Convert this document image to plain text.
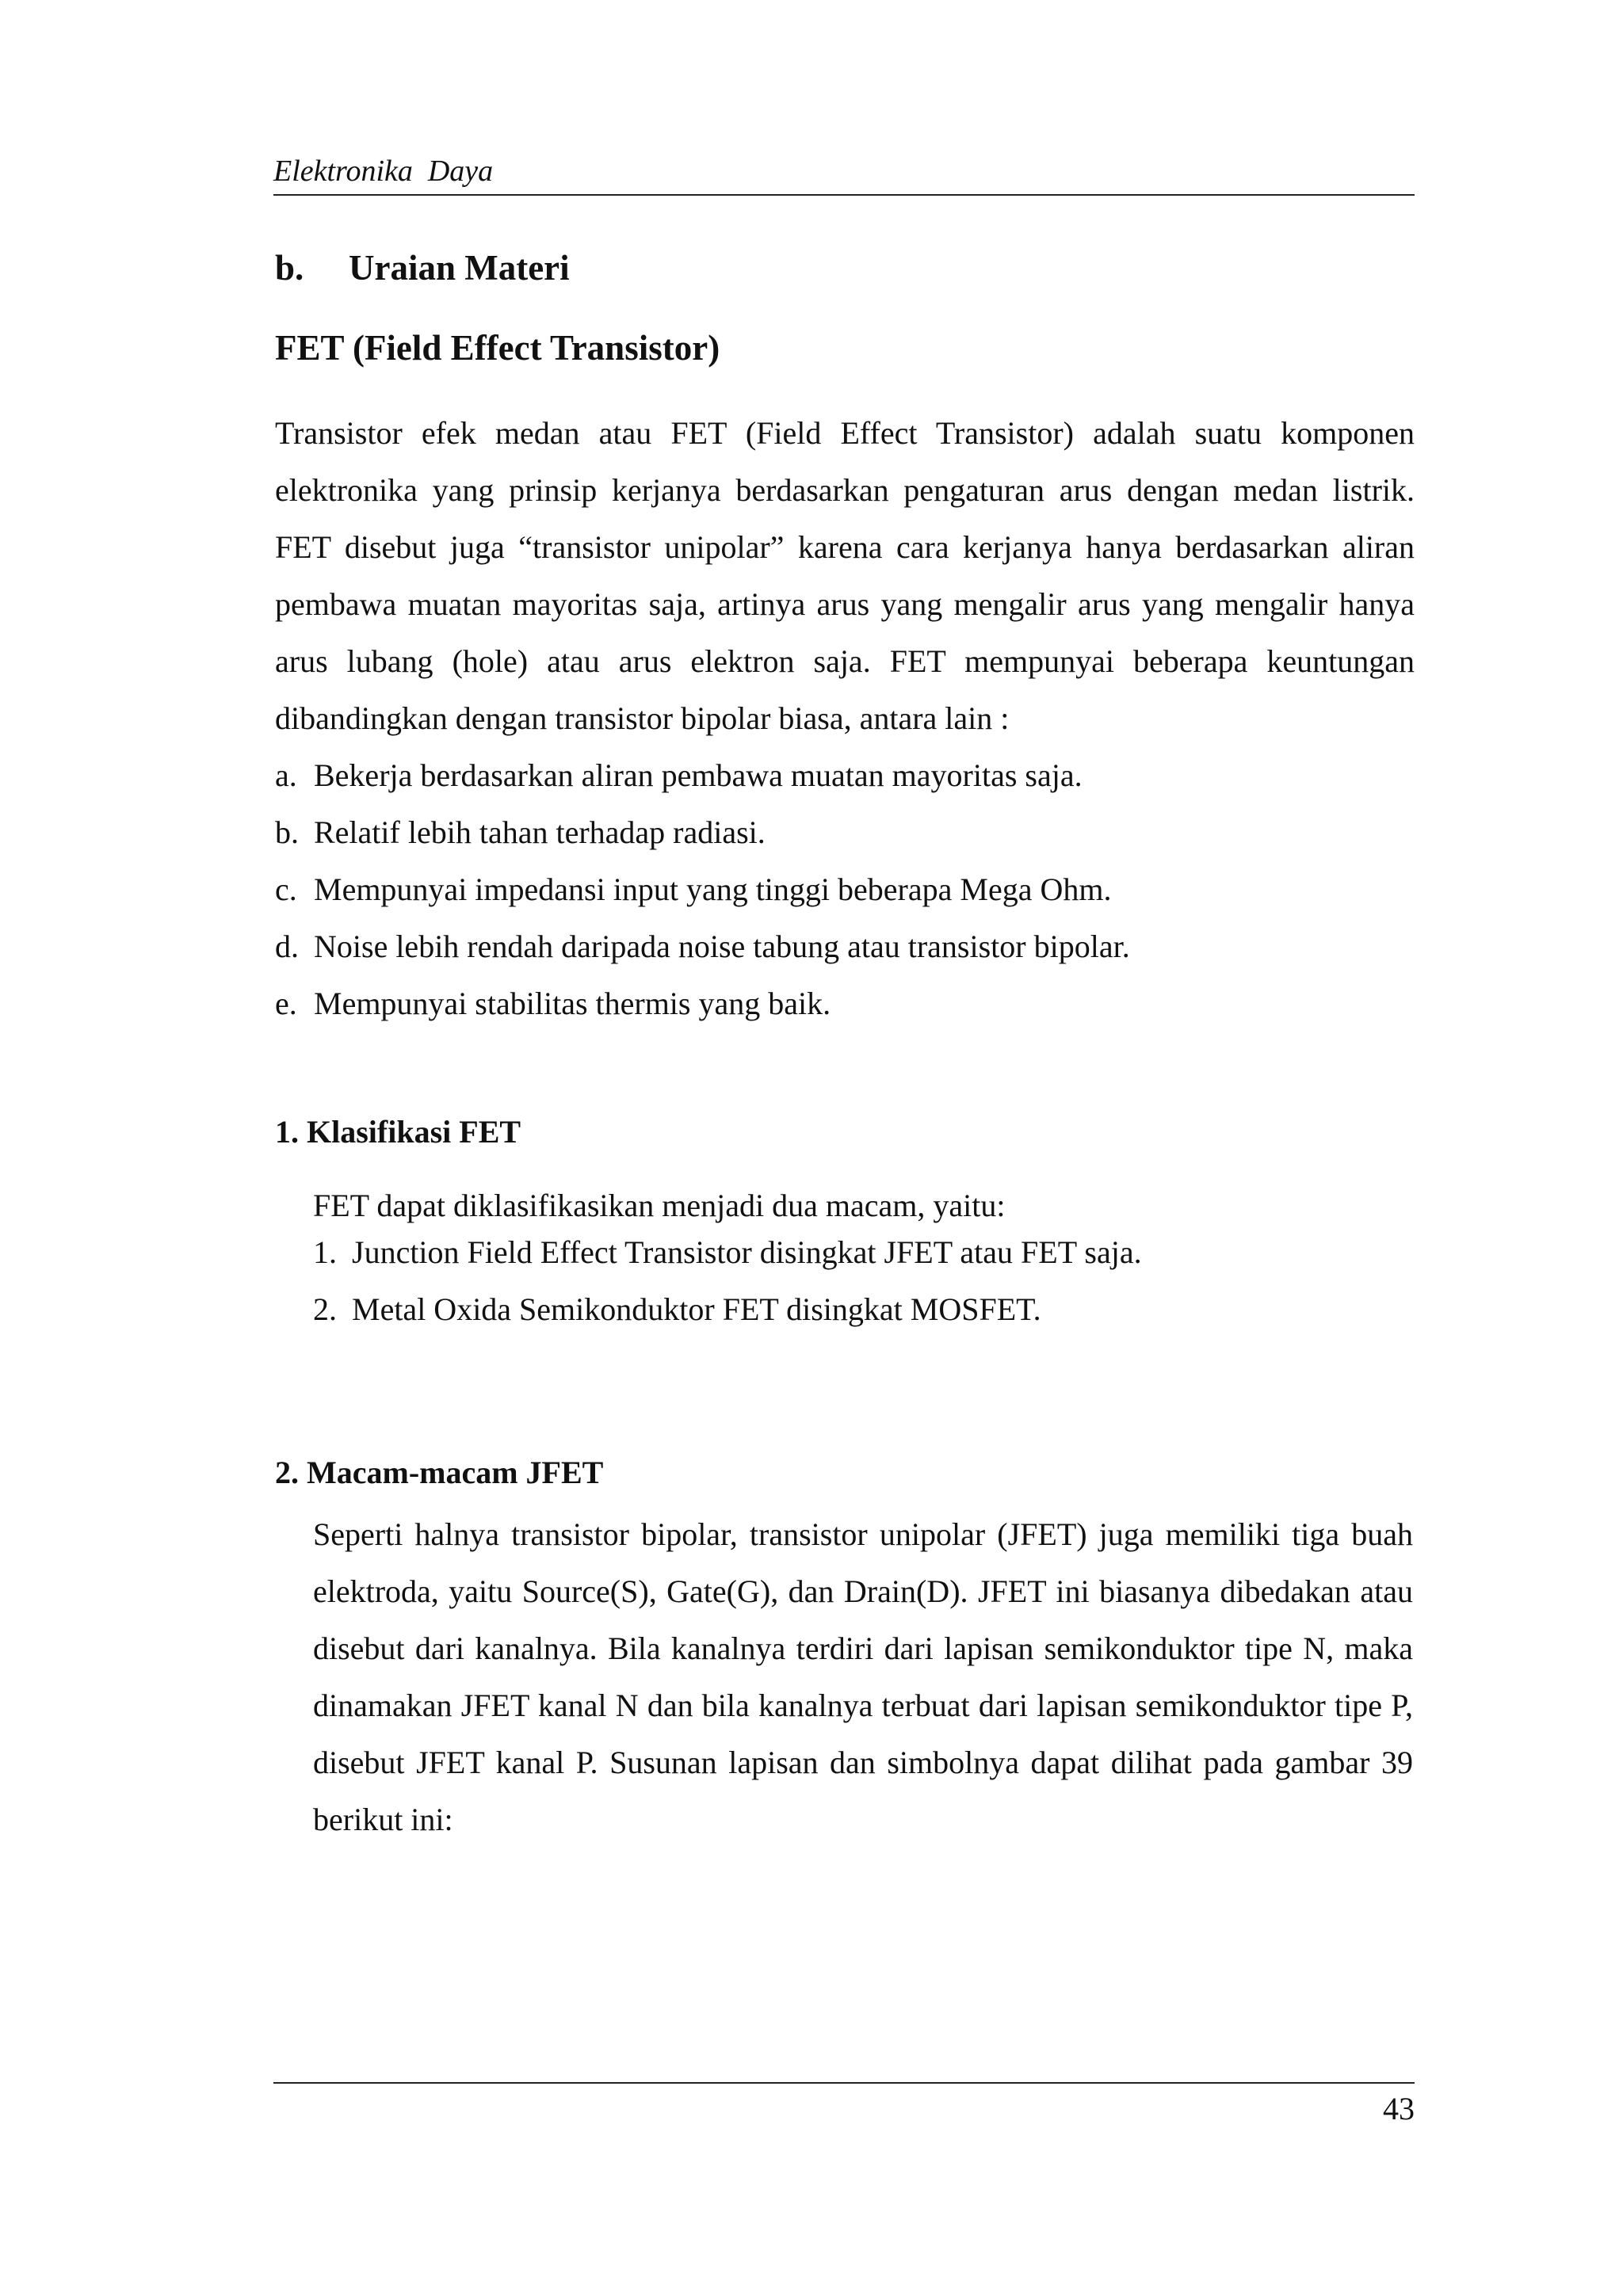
Elektronika  Daya
b. Uraian Materi
FET (Field Effect Transistor)

Transistor efek medan atau FET (Field Effect Transistor) adalah suatu komponen elektronika yang prinsip kerjanya berdasarkan pengaturan arus dengan medan listrik. FET disebut juga “transistor unipolar” karena cara kerjanya hanya berdasarkan aliran pembawa muatan mayoritas saja, artinya arus yang mengalir arus yang mengalir hanya arus lubang (hole) atau arus elektron saja. FET mempunyai beberapa keuntungan dibandingkan dengan transistor bipolar biasa, antara lain :

a. Bekerja berdasarkan aliran pembawa muatan mayoritas saja.
b. Relatif lebih tahan terhadap radiasi.
c. Mempunyai impedansi input yang tinggi beberapa Mega Ohm.
d. Noise lebih rendah daripada noise tabung atau transistor bipolar.
e. Mempunyai stabilitas thermis yang baik.
1. Klasifikasi FET

FET dapat diklasifikasikan menjadi dua macam, yaitu:

1. Junction Field Effect Transistor disingkat JFET atau FET saja.
2. Metal Oxida Semikonduktor FET disingkat MOSFET.
2. Macam-macam JFET

Seperti halnya transistor bipolar, transistor unipolar (JFET) juga memiliki tiga buah elektroda, yaitu Source(S), Gate(G), dan Drain(D). JFET ini biasanya dibedakan atau disebut dari kanalnya. Bila kanalnya terdiri dari lapisan semikonduktor tipe N, maka dinamakan JFET kanal N dan bila kanalnya terbuat dari lapisan semikonduktor tipe P, disebut JFET kanal P. Susunan lapisan dan simbolnya dapat dilihat pada gambar 39 berikut ini:

43
